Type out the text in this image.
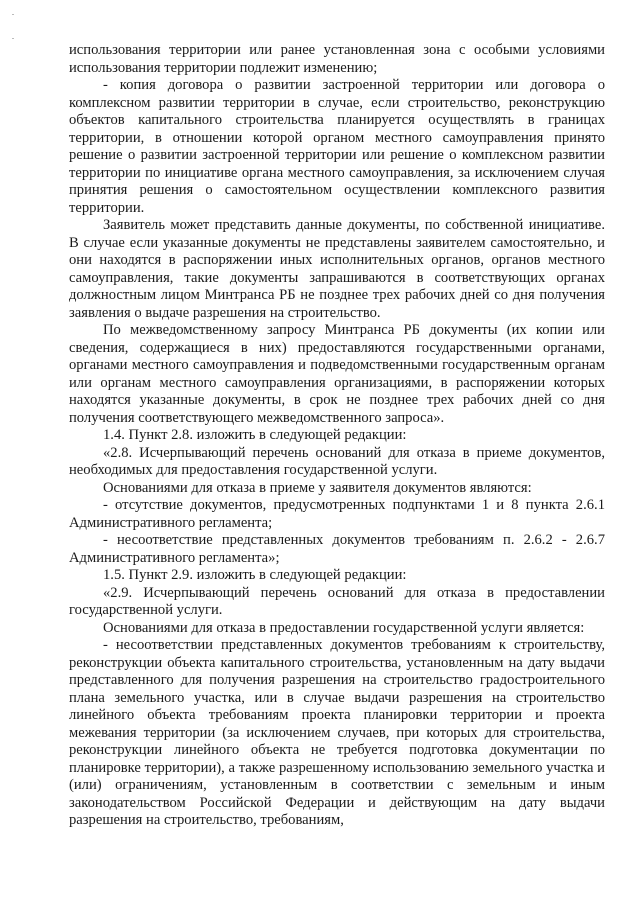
использования территории или ранее установленная зона с особыми условиями использования территории подлежит изменению;

- копия договора о развитии застроенной территории или договора о комплексном развитии территории в случае, если строительство, реконструкцию объектов капитального строительства планируется осуществлять в границах территории, в отношении которой органом местного самоуправления принято решение о развитии застроенной территории или решение о комплексном развитии территории по инициативе органа местного самоуправления, за исключением случая принятия решения о самостоятельном осуществлении комплексного развития территории.

Заявитель может представить данные документы, по собственной инициативе. В случае если указанные документы не представлены заявителем самостоятельно, и они находятся в распоряжении иных исполнительных органов, органов местного самоуправления, такие документы запрашиваются в соответствующих органах должностным лицом Минтранса РБ не позднее трех рабочих дней со дня получения заявления о выдаче разрешения на строительство.

По межведомственному запросу Минтранса РБ документы (их копии или сведения, содержащиеся в них) предоставляются государственными органами, органами местного самоуправления и подведомственными государственным органам или органам местного самоуправления организациями, в распоряжении которых находятся указанные документы, в срок не позднее трех рабочих дней со дня получения соответствующего межведомственного запроса».

1.4. Пункт 2.8. изложить в следующей редакции:

«2.8. Исчерпывающий перечень оснований для отказа в приеме документов, необходимых для предоставления государственной услуги.

Основаниями для отказа в приеме у заявителя документов являются:

- отсутствие документов, предусмотренных подпунктами 1 и 8 пункта 2.6.1 Административного регламента;

- несоответствие представленных документов требованиям п. 2.6.2 - 2.6.7 Административного регламента»;

1.5. Пункт 2.9. изложить в следующей редакции:

«2.9. Исчерпывающий перечень оснований для отказа в предоставлении государственной услуги.

Основаниями для отказа в предоставлении государственной услуги является:

- несоответствии представленных документов требованиям к строительству, реконструкции объекта капитального строительства, установленным на дату выдачи представленного для получения разрешения на строительство градостроительного плана земельного участка, или в случае выдачи разрешения на строительство линейного объекта требованиям проекта планировки территории и проекта межевания территории (за исключением случаев, при которых для строительства, реконструкции линейного объекта не требуется подготовка документации по планировке территории), а также разрешенному использованию земельного участка и (или) ограничениям, установленным в соответствии с земельным и иным законодательством Российской Федерации и действующим на дату выдачи разрешения на строительство, требованиям,
